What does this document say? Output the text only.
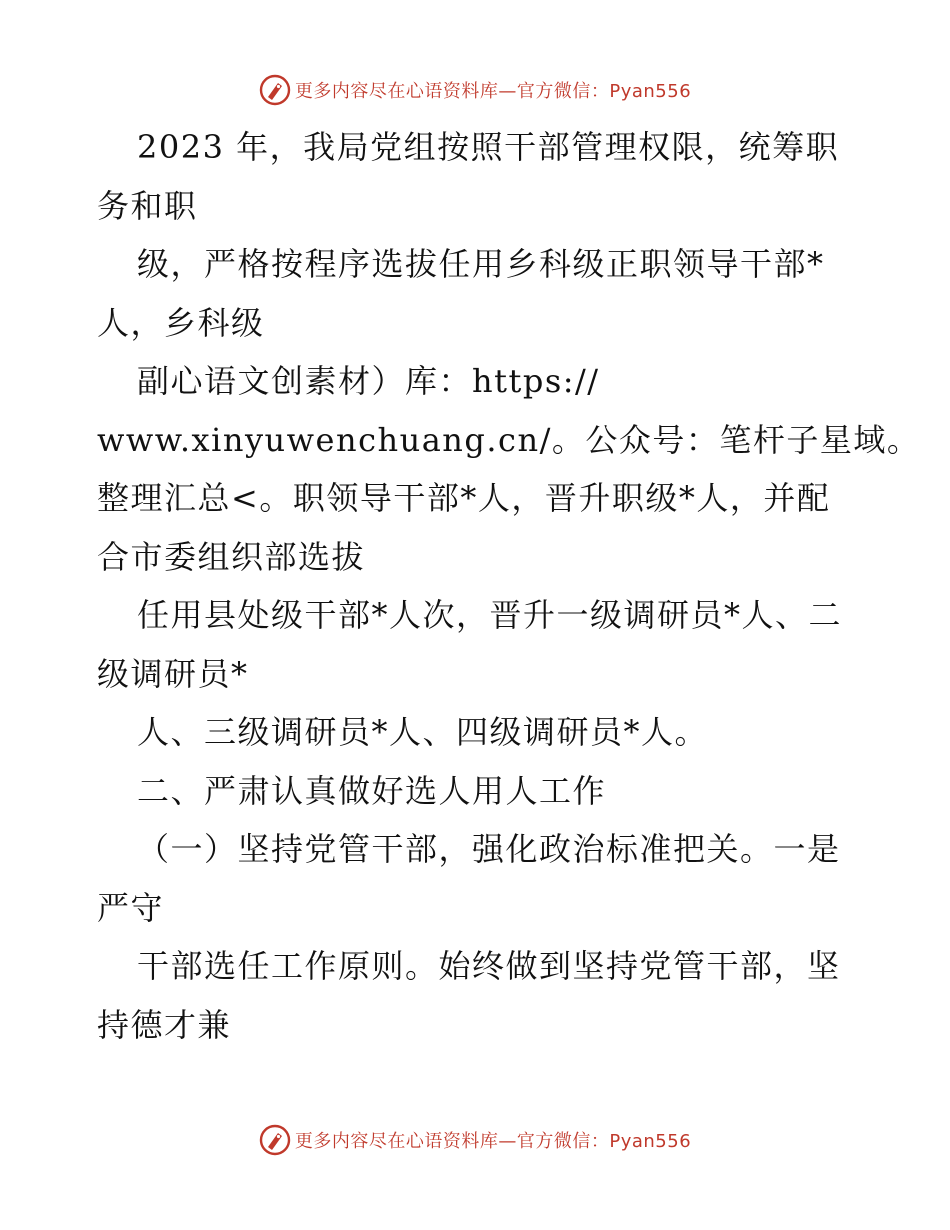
更多内容尽在心语资料库—官方微信：Pyan556
2023 年，我局党组按照干部管理权限，统筹职
务和职
级，严格按程序选拔任用乡科级正职领导干部*
人，乡科级
副心语文创素材）库：https://
www.xinyuwenchuang.cn/。公众号：笔杆子星域。
整理汇总<。职领导干部*人，晋升职级*人，并配
合市委组织部选拔
任用县处级干部*人次，晋升一级调研员*人、二
级调研员*
人、三级调研员*人、四级调研员*人。
二、严肃认真做好选人用人工作
（一）坚持党管干部，强化政治标准把关。一是
严守
干部选任工作原则。始终做到坚持党管干部，坚
持德才兼
更多内容尽在心语资料库—官方微信：Pyan556
